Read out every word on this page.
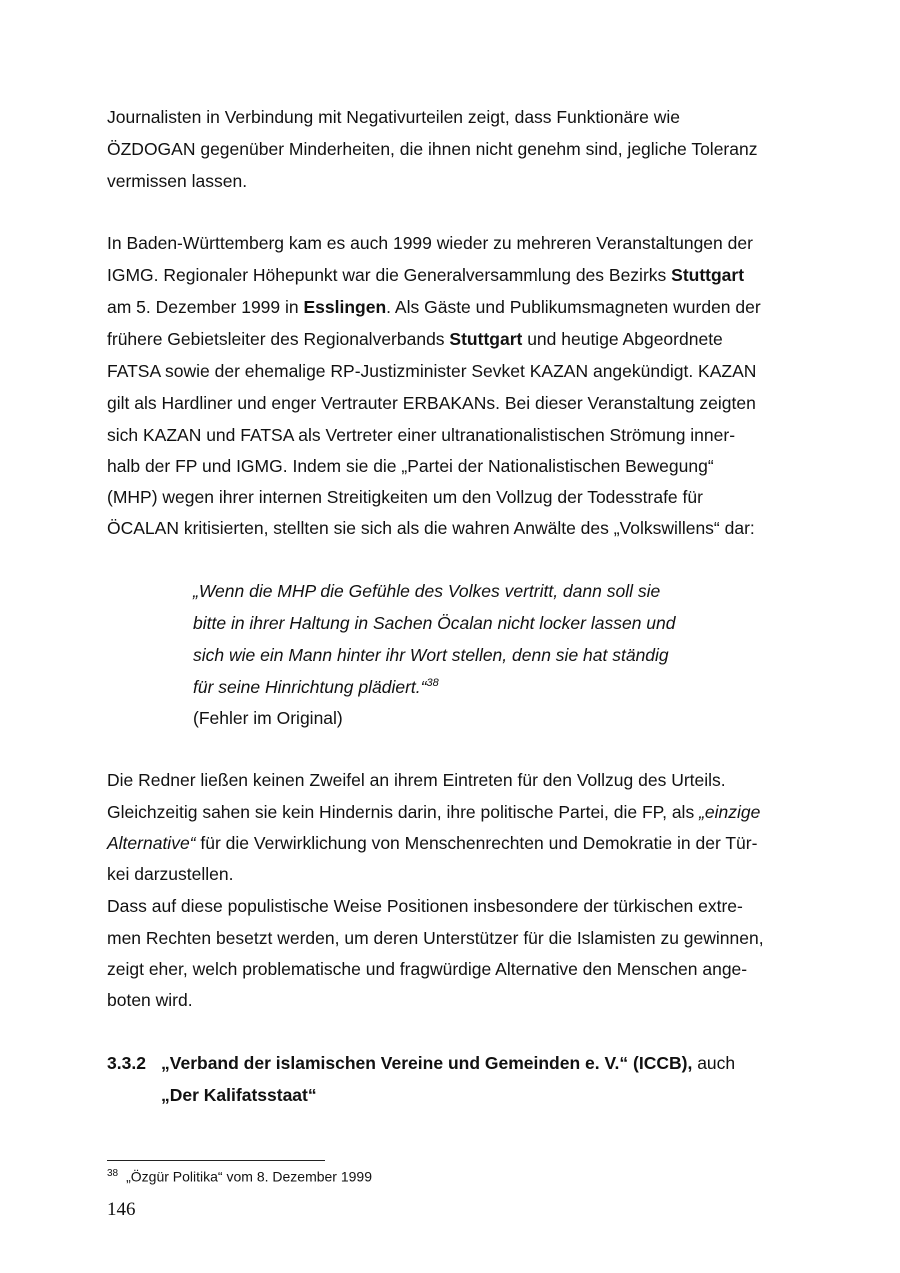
Journalisten in Verbindung mit Negativurteilen zeigt, dass Funktionäre wie
ÖZDOGAN gegenüber Minderheiten, die ihnen nicht genehm sind, jegliche Toleranz
vermissen lassen.
In Baden-Württemberg kam es auch 1999 wieder zu mehreren Veranstaltungen der
IGMG. Regionaler Höhepunkt war die Generalversammlung des Bezirks Stuttgart
am 5. Dezember 1999 in Esslingen. Als Gäste und Publikumsmagneten wurden der
frühere Gebietsleiter des Regionalverbands Stuttgart und heutige Abgeordnete
FATSA sowie der ehemalige RP-Justizminister Sevket KAZAN angekündigt. KAZAN
gilt als Hardliner und enger Vertrauter ERBAKANs. Bei dieser Veranstaltung zeigten
sich KAZAN und FATSA als Vertreter einer ultranationalistischen Strömung inner-
halb der FP und IGMG. Indem sie die „Partei der Nationalistischen Bewegung“
(MHP) wegen ihrer internen Streitigkeiten um den Vollzug der Todesstrafe für
ÖCALAN kritisierten, stellten sie sich als die wahren Anwälte des „Volkswillens“ dar:
„Wenn die MHP die Gefühle des Volkes vertritt, dann soll sie
bitte in ihrer Haltung in Sachen Öcalan nicht locker lassen und
sich wie ein Mann hinter ihr Wort stellen, denn sie hat ständig
für seine Hinrichtung plädiert.“$^{38}$
(Fehler im Original)
Die Redner ließen keinen Zweifel an ihrem Eintreten für den Vollzug des Urteils.
Gleichzeitig sahen sie kein Hindernis darin, ihre politische Partei, die FP, als „einzige
Alternative“ für die Verwirklichung von Menschenrechten und Demokratie in der Tür-
kei darzustellen.
Dass auf diese populistische Weise Positionen insbesondere der türkischen extre-
men Rechten besetzt werden, um deren Unterstützer für die Islamisten zu gewinnen,
zeigt eher, welch problematische und fragwürdige Alternative den Menschen ange-
boten wird.
3.3.2 „Verband der islamischen Vereine und Gemeinden e. V.“ (ICCB), auch
„Der Kalifatsstaat“
$^{38}$ „Özgür Politika“ vom 8. Dezember 1999
146
